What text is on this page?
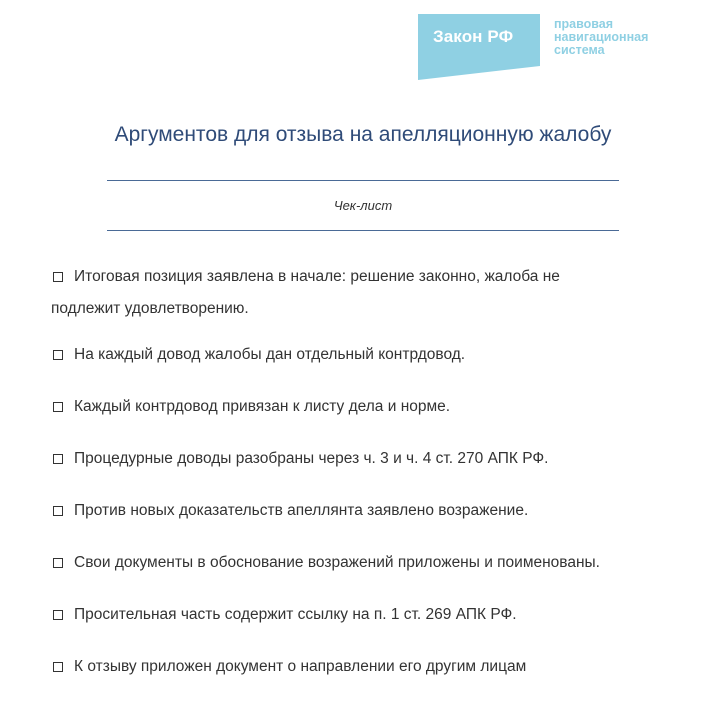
Закон РФ
правовая
навигационная
система
Аргументов для отзыва на апелляционную жалобу
Чек-лист
Итоговая позиция заявлена в начале: решение законно, жалоба не
подлежит удовлетворению.
На каждый довод жалобы дан отдельный контрдовод.
Каждый контрдовод привязан к листу дела и норме.
Процедурные доводы разобраны через ч. 3 и ч. 4 ст. 270 АПК РФ.
Против новых доказательств апеллянта заявлено возражение.
Свои документы в обоснование возражений приложены и поименованы.
Просительная часть содержит ссылку на п. 1 ст. 269 АПК РФ.
К отзыву приложен документ о направлении его другим лицам
